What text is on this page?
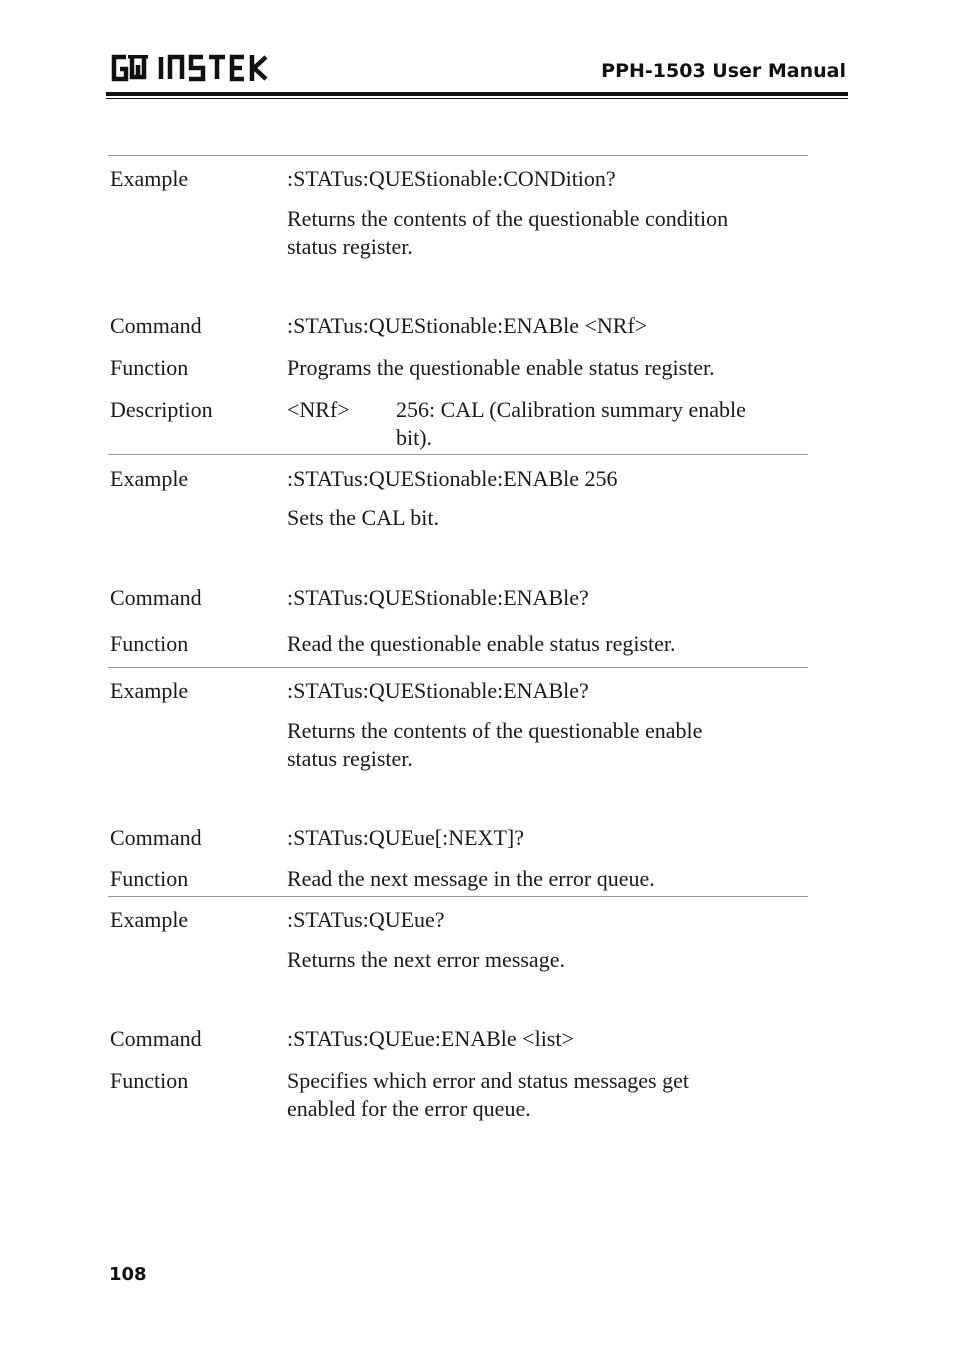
PPH-1503 User Manual
Example	:STATus:QUEStionable:CONDition?
Returns the contents of the questionable condition
status register.
Command	:STATus:QUEStionable:ENABle <NRf>
Function	Programs the questionable enable status register.
Description	<NRf> 256: CAL (Calibration summary enable
bit).
Example	:STATus:QUEStionable:ENABle 256
Sets the CAL bit.
Command	:STATus:QUEStionable:ENABle?
Function	Read the questionable enable status register.
Example	:STATus:QUEStionable:ENABle?
Returns the contents of the questionable enable
status register.
Command	:STATus:QUEue[:NEXT]?
Function	Read the next message in the error queue.
Example	:STATus:QUEue?
Returns the next error message.
Command	:STATus:QUEue:ENABle <list>
Function	Specifies which error and status messages get
enabled for the error queue.
108
